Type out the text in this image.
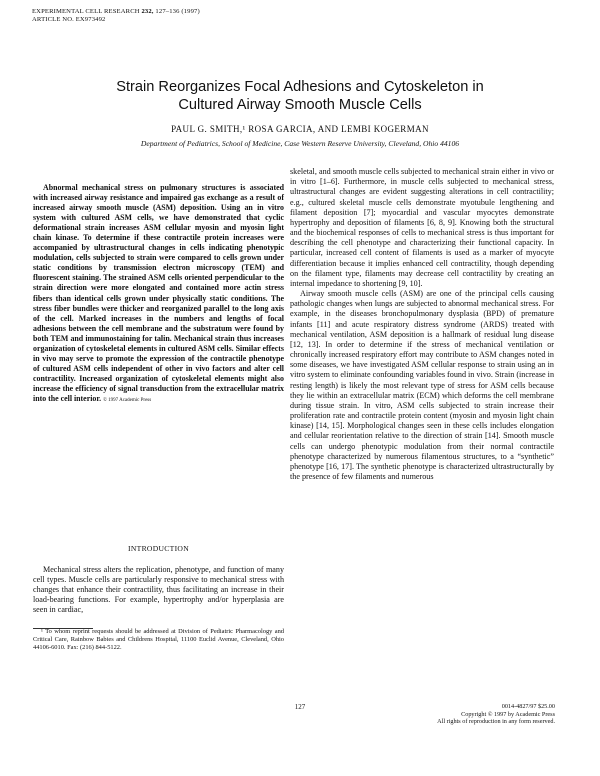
EXPERIMENTAL CELL RESEARCH 232, 127–136 (1997)
ARTICLE NO. EX973492
Strain Reorganizes Focal Adhesions and Cytoskeleton in
Cultured Airway Smooth Muscle Cells
PAUL G. SMITH,¹ ROSA GARCIA, AND LEMBI KOGERMAN
Department of Pediatrics, School of Medicine, Case Western Reserve University, Cleveland, Ohio 44106

Abnormal mechanical stress on pulmonary structures is associated with increased airway resistance and impaired gas exchange as a result of increased airway smooth muscle (ASM) deposition. Using an in vitro system with cultured ASM cells, we have demonstrated that cyclic deformational strain increases ASM cellular myosin and myosin light chain kinase. To determine if these contractile protein increases were accompanied by ultrastructural changes in cells indicating phenotypic modulation, cells subjected to strain were compared to cells grown under static conditions by transmission electron microscopy (TEM) and fluorescent staining. The strained ASM cells oriented perpendicular to the strain direction were more elongated and contained more actin stress fibers than identical cells grown under physically static conditions. The stress fiber bundles were thicker and reorganized parallel to the long axis of the cell. Marked increases in the numbers and lengths of focal adhesions between the cell membrane and the substratum were found by both TEM and immunostaining for talin. Mechanical strain thus increases organization of cytoskeletal elements in cultured ASM cells. Similar effects in vivo may serve to promote the expression of the contractile phenotype of cultured ASM cells independent of other in vivo factors and alter cell contractility. Increased organization of cytoskeletal elements might also increase the efficiency of signal transduction from the extracellular matrix into the cell interior. © 1997 Academic Press

INTRODUCTION

Mechanical stress alters the replication, phenotype, and function of many cell types. Muscle cells are particularly responsive to mechanical stress with changes that enhance their contractility, thus facilitating an increase in their load-bearing functions. For example, hypertrophy and/or hyperplasia are seen in cardiac,

¹ To whom reprint requests should be addressed at Division of Pediatric Pharmacology and Critical Care, Rainbow Babies and Childrens Hospital, 11100 Euclid Avenue, Cleveland, Ohio 44106-6010. Fax: (216) 844-5122.

skeletal, and smooth muscle cells subjected to mechanical strain either in vivo or in vitro [1–6]. Furthermore, in muscle cells subjected to mechanical stress, ultrastructural changes are evident suggesting alterations in cell contractility; e.g., cultured skeletal muscle cells demonstrate myotubule lengthening and filament deposition [7]; myocardial and vascular myocytes demonstrate hypertrophy and deposition of filaments [6, 8, 9]. Knowing both the structural and the biochemical responses of cells to mechanical stress is thus important for describing the cell phenotype and characterizing their functional capacity. In particular, increased cell content of filaments is used as a marker of myocyte differentiation because it implies enhanced cell contractility, though depending on the filament type, filaments may decrease cell contractility by creating an internal impedance to shortening [9, 10].

Airway smooth muscle cells (ASM) are one of the principal cells causing pathologic changes when lungs are subjected to abnormal mechanical stress. For example, in the diseases bronchopulmonary dysplasia (BPD) of premature infants [11] and acute respiratory distress syndrome (ARDS) treated with mechanical ventilation, ASM deposition is a hallmark of residual lung disease [12, 13]. In order to determine if the stress of mechanical ventilation or chronically increased respiratory effort may contribute to ASM changes noted in some diseases, we have investigated ASM cellular response to strain using an in vitro system to eliminate confounding variables found in vivo. Strain (increase in resting length) is likely the most relevant type of stress for ASM cells because they lie within an extracellular matrix (ECM) which deforms the cell membrane during tissue strain. In vitro, ASM cells subjected to strain increase their proliferation rate and contractile protein content (myosin and myosin light chain kinase) [14, 15]. Morphological changes seen in these cells includes elongation and cellular reorientation relative to the direction of strain [14]. Smooth muscle cells can undergo phenotypic modulation from their normal contractile phenotype characterized by numerous filamentous structures, to a “synthetic” phenotype [16, 17]. The synthetic phenotype is characterized ultrastructurally by the presence of few filaments and numerous

127	0014-4827/97 $25.00
Copyright © 1997 by Academic Press
All rights of reproduction in any form reserved.
